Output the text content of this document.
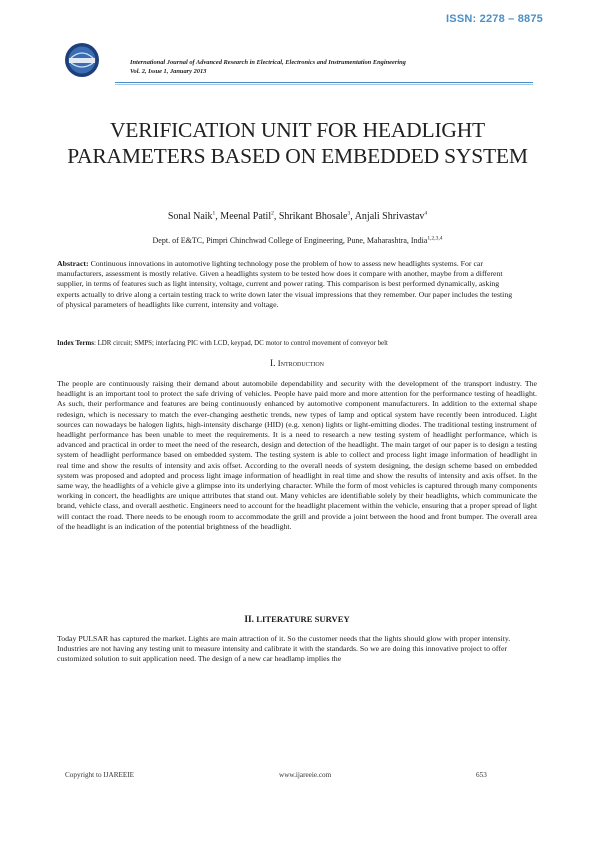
ISSN: 2278 – 8875
International Journal of Advanced Research in Electrical, Electronics and Instrumentation Engineering
Vol. 2, Issue 1, January 2013
VERIFICATION UNIT FOR HEADLIGHT PARAMETERS BASED ON EMBEDDED SYSTEM
Sonal Naik$^1$, Meenal Patil$^2$, Shrikant Bhosale$^3$, Anjali Shrivastav$^4$
Dept. of E&TC, Pimpri Chinchwad College of Engineering, Pune, Maharashtra, India$^{1,2,3,4}$
Abstract: Continuous innovations in automotive lighting technology pose the problem of how to assess new headlights systems. For car manufacturers, assessment is mostly relative. Given a headlights system to be tested how does it compare with another, maybe from a different supplier, in terms of features such as light intensity, voltage, current and power rating. This comparison is best performed dynamically, asking experts actually to drive along a certain testing track to write down later the visual impressions that they remember. Our paper includes the testing of physical parameters of headlights like current, intensity and voltage.
Index Terms: LDR circuit; SMPS; interfacing PIC with LCD, keypad, DC motor to control movement of conveyor belt
I. Introduction
The people are continuously raising their demand about automobile dependability and security with the development of the transport industry. The headlight is an important tool to protect the safe driving of vehicles. People have paid more and more attention for the performance testing of headlight. As such, their performance and features are being continuously enhanced by automotive component manufacturers. In addition to the external shape redesign, which is necessary to match the ever-changing aesthetic trends, new types of lamp and optical system have recently been introduced. Light sources can nowadays be halogen lights, high-intensity discharge (HID) (e.g. xenon) lights or light-emitting diodes. The traditional testing instrument of headlight performance has been unable to meet the requirements. It is a need to research a new testing system of headlight performance, which is advanced and practical in order to meet the need of the research, design and detection of the headlight. The main target of our paper is to design a testing system of headlight performance based on embedded system. The testing system is able to collect and process light image information of headlight in real time and show the results of intensity and axis offset. According to the overall needs of system designing, the design scheme based on embedded system was proposed and adopted and process light image information of headlight in real time and show the results of intensity and axis offset. In the same way, the headlights of a vehicle give a glimpse into its underlying character. While the form of most vehicles is captured through many components working in concert, the headlights are unique attributes that stand out. Many vehicles are identifiable solely by their headlights, which communicate the brand, vehicle class, and overall aesthetic. Engineers need to account for the headlight placement within the vehicle, ensuring that a proper spread of light will contact the road. There needs to be enough room to accommodate the grill and provide a joint between the hood and front bumper. The overall area of the headlight is an indication of the potential brightness of the headlight.
II. LITERATURE SURVEY
Today PULSAR has captured the market. Lights are main attraction of it. So the customer needs that the lights should glow with proper intensity. Industries are not having any testing unit to measure intensity and calibrate it with the standards. So we are doing this innovative project to offer customized solution to suit application need. The design of a new car headlamp implies the
Copyright to IJAREEIE	www.ijareeie.com	653
